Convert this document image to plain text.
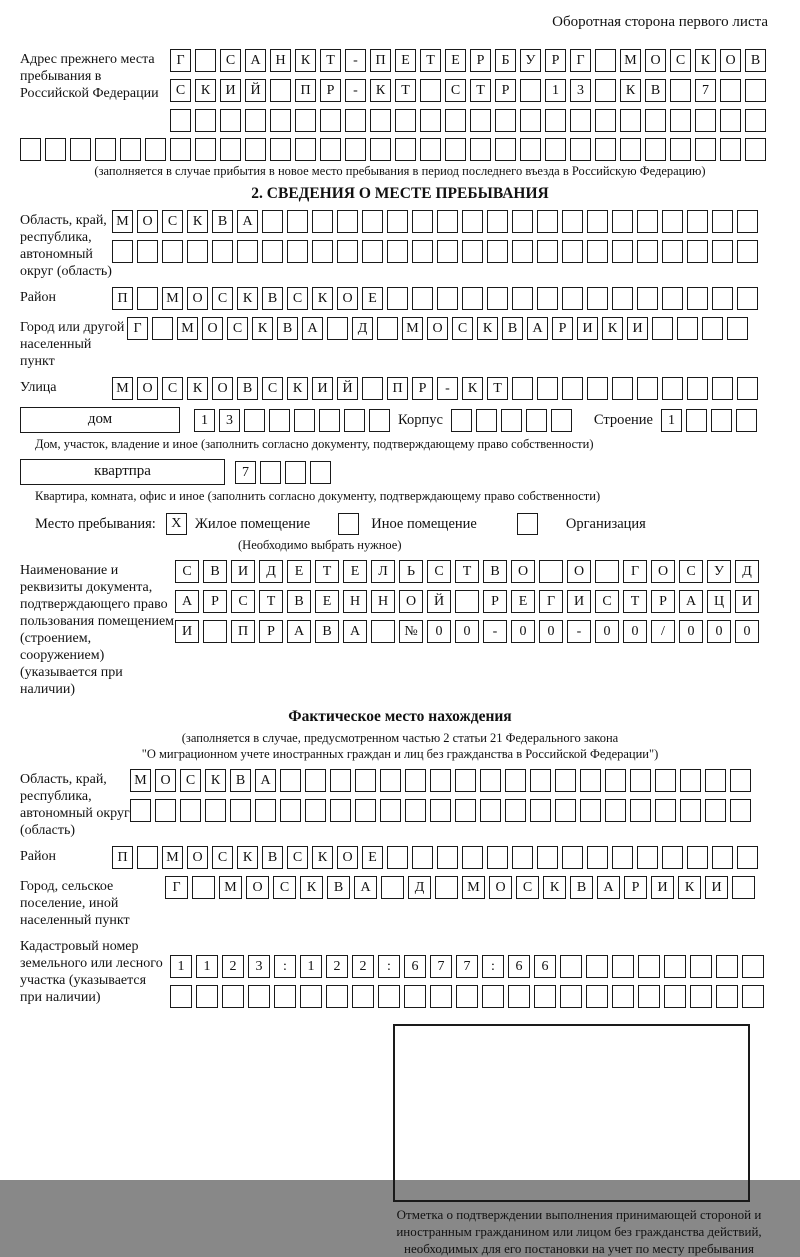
Оборотная сторона первого листа
Адрес прежнего места пребывания в Российской Федерации
Г	С	А	Н	К	Т	-	П	Е	Т	Е	Р	Б	У	Р	Г	М О	С	К	О	В
С	К	И	Й	П	Р	-	К	Т	С	Т	Р	1	3	К	В	7
(заполняется в случае прибытия в новое место пребывания в период последнего въезда в Российскую Федерацию)
2. СВЕДЕНИЯ О МЕСТЕ ПРЕБЫВАНИЯ
Область, край, республика, автономный округ (область)
М О	С	К	В	А
Район	П	М О	С	К	В	С	К	О	Е
Город или другой населенный пункт
Г	М О	С	К	В	А	Д	М О	С	К	В	А	Р	И	К	И
Улица	М О	С	К	О	В	С	К	И	Й	П	Р	-	К	Т
дом	1	3	Корпус	Строение	1
Дом, участок, владение и иное (заполнить согласно документу, подтверждающему право собственности)
квартпра	7
Квартира, комната, офис и иное (заполнить согласно документу, подтверждающему право собственности)
Место пребывания:	X Жилое помещение	Иное помещение	Организация
(Необходимо выбрать нужное)
Наименование и реквизиты документа, подтверждающего право пользования помещением (строением, сооружением) (указывается при наличии)
С	В	И	Д	Е	Т	Е	Л	Ь	С	Т	В	О	О	Г	О	С	У	Д
А	Р	С	Т	В	Е	Н	Н	О	Й	Р	Е	Г	И	С	Т	Р	А	Ц	И
И	П	Р	А	В	А	№	0	0	-	0	0	-	0	0	/	0	0	0
Фактическое место нахождения
(заполняется в случае, предусмотренном частью 2 статьи 21 Федерального закона
"О миграционном учете иностранных граждан и лиц без гражданства в Российской Федерации")
Область, край, республика, автономный округ (область)
М О	С	К	В	А
Район	П	М О	С	К	В	С	К	О	Е
Город, сельское поселение, иной населенный пункт
Г	М	О	С	К	В	А	Д	М	О	С	К	В	А	Р	И	К	И
Кадастровый номер земельного или лесного участка (указывается при наличии)
1	1	2	3	:	1	2	2	:	6	7	7	:	6	6
Отметка о подтверждении выполнения принимающей стороной и иностранным гражданином или лицом без гражданства действий, необходимых для его постановки на учет по месту пребывания
